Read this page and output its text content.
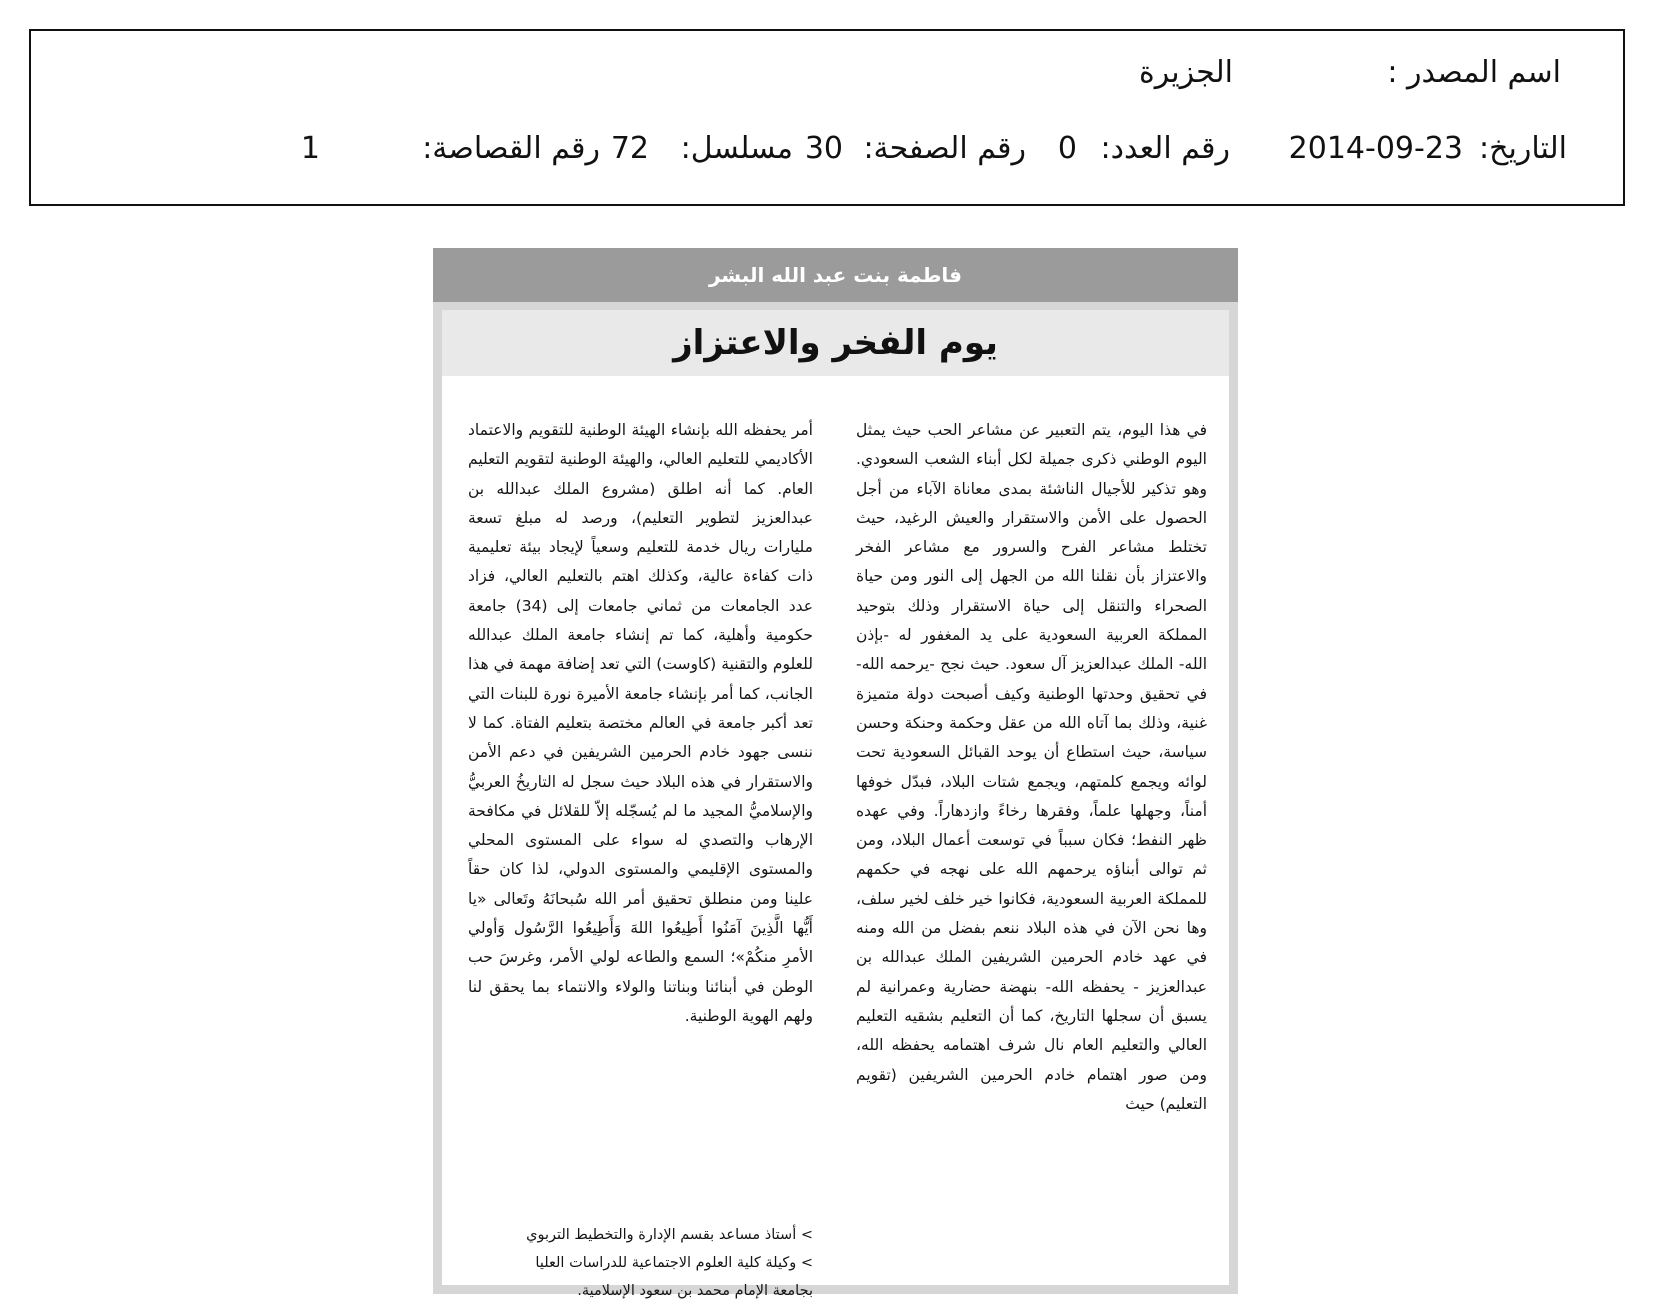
اسم المصدر :
الجزيرة
التاريخ:
2014-09-23
رقم العدد:
0
رقم الصفحة:
30
مسلسل:
72
رقم القصاصة:
1
فاطمة بنت عبد الله البشر
يوم الفخر والاعتزاز

في هذا اليوم، يتم التعبير عن مشاعر الحب حيث يمثل اليوم الوطني ذكرى جميلة لكل أبناء الشعب السعودي. وهو تذكير للأجيال الناشئة بمدى معاناة الآباء من أجل الحصول على الأمن والاستقرار والعيش الرغيد، حيث تختلط مشاعر الفرح والسرور مع مشاعر الفخر والاعتزاز بأن نقلنا الله من الجهل إلى النور ومن حياة الصحراء والتنقل إلى حياة الاستقرار وذلك بتوحيد المملكة العربية السعودية على يد المغفور له -بإذن الله- الملك عبدالعزيز آل سعود. حيث نجح -يرحمه الله- في تحقيق وحدتها الوطنية وكيف أصبحت دولة متميزة غنية، وذلك بما آتاه الله من عقل وحكمة وحنكة وحسن سياسة، حيث استطاع أن يوحد القبائل السعودية تحت لوائه ويجمع كلمتهم، ويجمع شتات البلاد، فبدّل خوفها أمناً، وجهلها علماً، وفقرها رخاءً وازدهاراً. وفي عهده ظهر النفط؛ فكان سبباً في توسعت أعمال البلاد، ومن ثم توالى أبناؤه يرحمهم الله على نهجه في حكمهم للمملكة العربية السعودية، فكانوا خير خلف لخير سلف، وها نحن الآن في هذه البلاد ننعم بفضل من الله ومنه في عهد خادم الحرمين الشريفين الملك عبدالله بن عبدالعزيز - يحفظه الله- بنهضة حضارية وعمرانية لم يسبق أن سجلها التاريخ، كما أن التعليم بشقيه التعليم العالي والتعليم العام نال شرف اهتمامه يحفظه الله، ومن صور اهتمام خادم الحرمين الشريفين (تقويم التعليم) حيث

أمر يحفظه الله بإنشاء الهيئة الوطنية للتقويم والاعتماد الأكاديمي للتعليم العالي، والهيئة الوطنية لتقويم التعليم العام. كما أنه اطلق (مشروع الملك عبدالله بن عبدالعزيز لتطوير التعليم)، ورصد له مبلغ تسعة مليارات ريال خدمة للتعليم وسعياً لإيجاد بيئة تعليمية ذات كفاءة عالية، وكذلك اهتم بالتعليم العالي، فزاد عدد الجامعات من ثماني جامعات إلى (34) جامعة حكومية وأهلية، كما تم إنشاء جامعة الملك عبدالله للعلوم والتقنية (كاوست) التي تعد إضافة مهمة في هذا الجانب، كما أمر بإنشاء جامعة الأميرة نورة للبنات التي تعد أكبر جامعة في العالم مختصة بتعليم الفتاة. كما لا ننسى جهود خادم الحرمين الشريفين في دعم الأمن والاستقرار في هذه البلاد حيث سجل له التاريخُ العربيُّ والإسلاميُّ المجيد ما لم يُسجّله إلاّ للقلائل في مكافحة الإرهاب والتصدي له سواء على المستوى المحلي والمستوى الإقليمي والمستوى الدولي، لذا كان حقاً علينا ومن منطلق تحقيق أمر الله سُبحانَهُ وتَعالى «يا أَيُّها الَّذِينَ آمَنُوا أَطِيعُوا اللهَ وَأَطِيعُوا الرَّسُول وَأولي الأمرِ منكُمْ»؛ السمع والطاعه لولي الأمر، وغرسَ حب الوطن في أبنائنا وبناتنا والولاء والانتماء بما يحقق لنا ولهم الهوية الوطنية.

> أستاذ مساعد بقسم الإدارة والتخطيط التربوي
> وكيلة كلية العلوم الاجتماعية للدراسات العليا
بجامعة الإمام محمد بن سعود الإسلامية.
